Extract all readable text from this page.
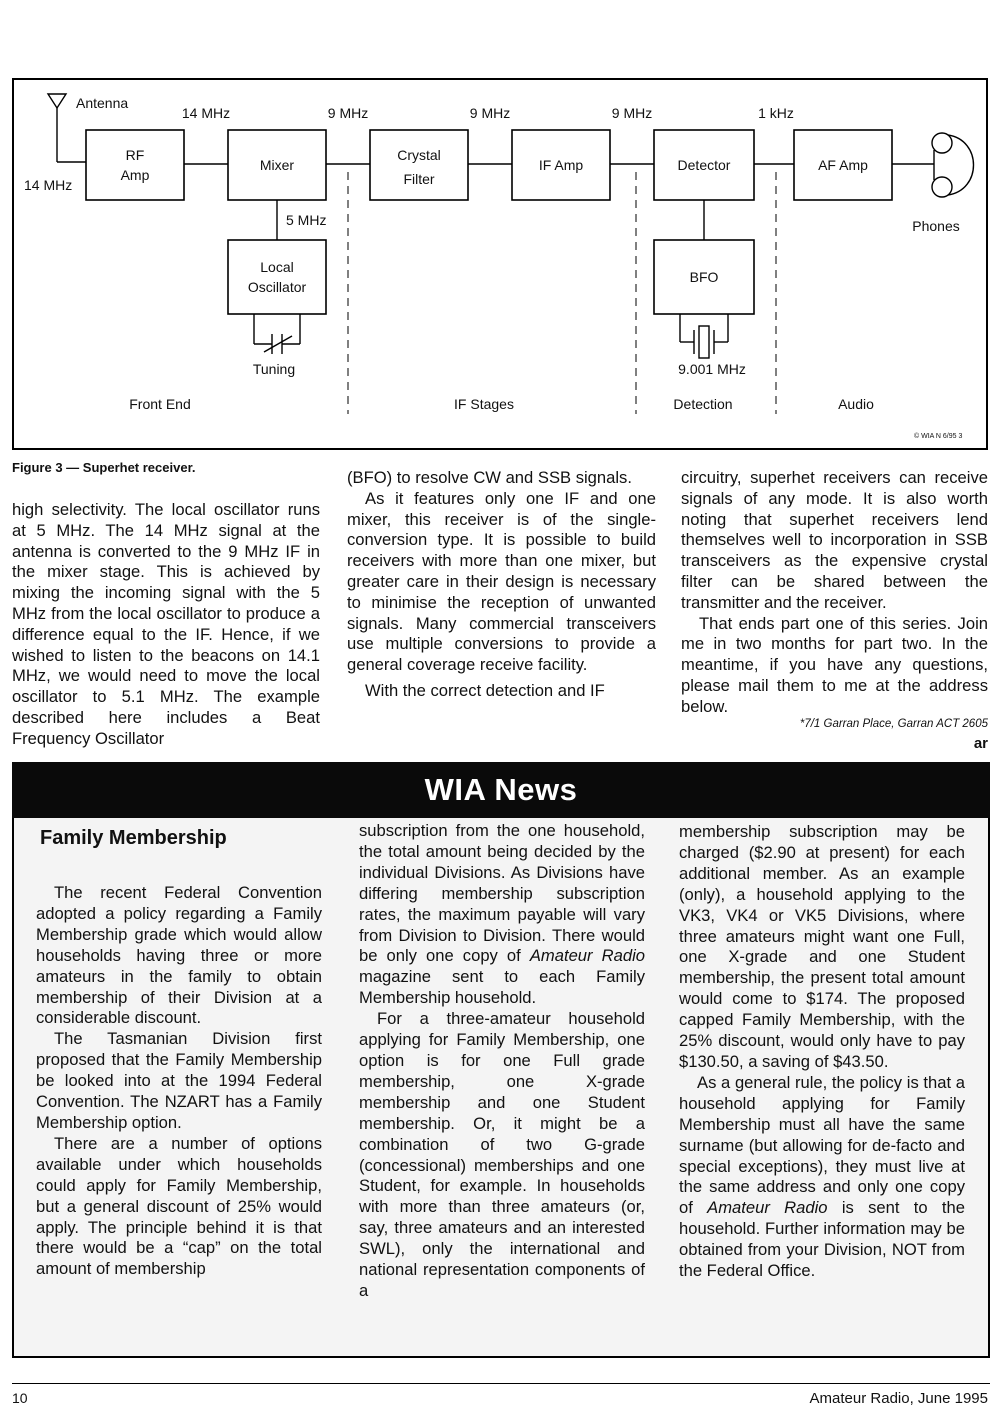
Antenna
14 MHz
RF
Amp
14 MHz
Mixer
9 MHz
Crystal
Filter
9 MHz
IF Amp
9 MHz
Detector
1 kHz
AF Amp
Phones
5 MHz
Local
Oscillator
Tuning
BFO
9.001 MHz
Front End	IF Stages	Detection	Audio
© WIA N 6/95 3
Figure 3 — Superhet receiver.

high selectivity. The local oscillator runs at 5 MHz. The 14 MHz signal at the antenna is converted to the 9 MHz IF in the mixer stage. This is achieved by mixing the incoming signal with the 5 MHz from the local oscillator to produce a difference equal to the IF. Hence, if we wished to listen to the beacons on 14.1 MHz, we would need to move the local oscillator to 5.1 MHz. The example described here includes a Beat Frequency Oscillator

(BFO) to resolve CW and SSB signals.

As it features only one IF and one mixer, this receiver is of the single-conversion type. It is possible to build receivers with more than one mixer, but greater care in their design is necessary to minimise the reception of unwanted signals. Many commercial transceivers use multiple conversions to provide a general coverage receive facility.

With the correct detection and IF

circuitry, superhet receivers can receive signals of any mode. It is also worth noting that superhet receivers lend themselves well to incorporation in SSB transceivers as the expensive crystal filter can be shared between the transmitter and the receiver.

That ends part one of this series. Join me in two months for part two. In the meantime, if you have any questions, please mail them to me at the address below.

*7/1 Garran Place, Garran ACT 2605
ar
WIA News
Family Membership

The recent Federal Convention adopted a policy regarding a Family Membership grade which would allow households having three or more amateurs in the family to obtain membership of their Division at a considerable discount.

The Tasmanian Division first proposed that the Family Membership be looked into at the 1994 Federal Convention. The NZART has a Family Membership option.

There are a number of options available under which households could apply for Family Membership, but a general discount of 25% would apply. The principle behind it is that there would be a “cap” on the total amount of membership

subscription from the one household, the total amount being decided by the individual Divisions. As Divisions have differing membership subscription rates, the maximum payable will vary from Division to Division. There would be only one copy of Amateur Radio magazine sent to each Family Membership household.

For a three-amateur household applying for Family Membership, one option is for one Full grade membership, one X-grade membership and one Student membership. Or, it might be a combination of two G-grade (concessional) memberships and one Student, for example. In households with more than three amateurs (or, say, three amateurs and an interested SWL), only the international and national representation components of a

membership subscription may be charged ($2.90 at present) for each additional member. As an example (only), a household applying to the VK3, VK4 or VK5 Divisions, where three amateurs might want one Full, one X-grade and one Student membership, the present total amount would come to $174. The proposed capped Family Membership, with the 25% discount, would only have to pay $130.50, a saving of $43.50.

As a general rule, the policy is that a household applying for Family Membership must all have the same surname (but allowing for de-facto and special exceptions), they must live at the same address and only one copy of Amateur Radio is sent to the household. Further information may be obtained from your Division, NOT from the Federal Office.

10	Amateur Radio, June 1995
